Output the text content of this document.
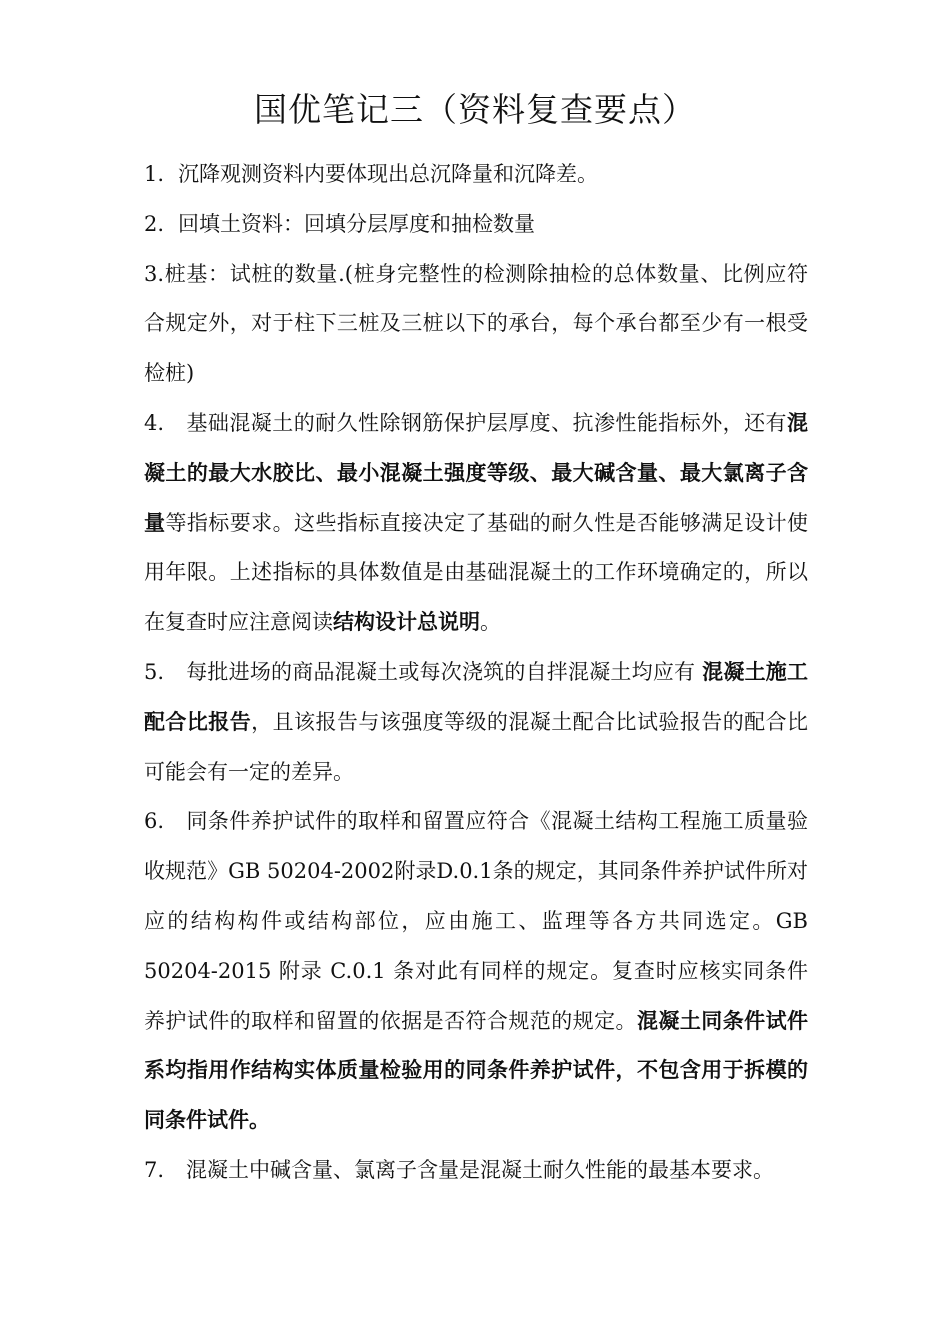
国优笔记三（资料复查要点）

1. 沉降观测资料内要体现出总沉降量和沉降差。

2. 回填土资料：回填分层厚度和抽检数量

3.桩基：试桩的数量.(桩身完整性的检测除抽检的总体数量、比例应符合规定外，对于柱下三桩及三桩以下的承台，每个承台都至少有一根受检桩)

4. 基础混凝土的耐久性除钢筋保护层厚度、抗渗性能指标外，还有混凝土的最大水胶比、最小混凝土强度等级、最大碱含量、最大氯离子含量等指标要求。这些指标直接决定了基础的耐久性是否能够满足设计使用年限。上述指标的具体数值是由基础混凝土的工作环境确定的，所以在复查时应注意阅读结构设计总说明。

5. 每批进场的商品混凝土或每次浇筑的自拌混凝土均应有 混凝土施工配合比报告，且该报告与该强度等级的混凝土配合比试验报告的配合比可能会有一定的差异。

6. 同条件养护试件的取样和留置应符合《混凝土结构工程施工质量验收规范》GB 50204-2002附录D.0.1条的规定，其同条件养护试件所对应的结构构件或结构部位，应由施工、监理等各方共同选定。GB 50204-2015 附录 C.0.1 条对此有同样的规定。复查时应核实同条件养护试件的取样和留置的依据是否符合规范的规定。混凝土同条件试件系均指用作结构实体质量检验用的同条件养护试件，不包含用于拆模的同条件试件。

7. 混凝土中碱含量、氯离子含量是混凝土耐久性能的最基本要求。
